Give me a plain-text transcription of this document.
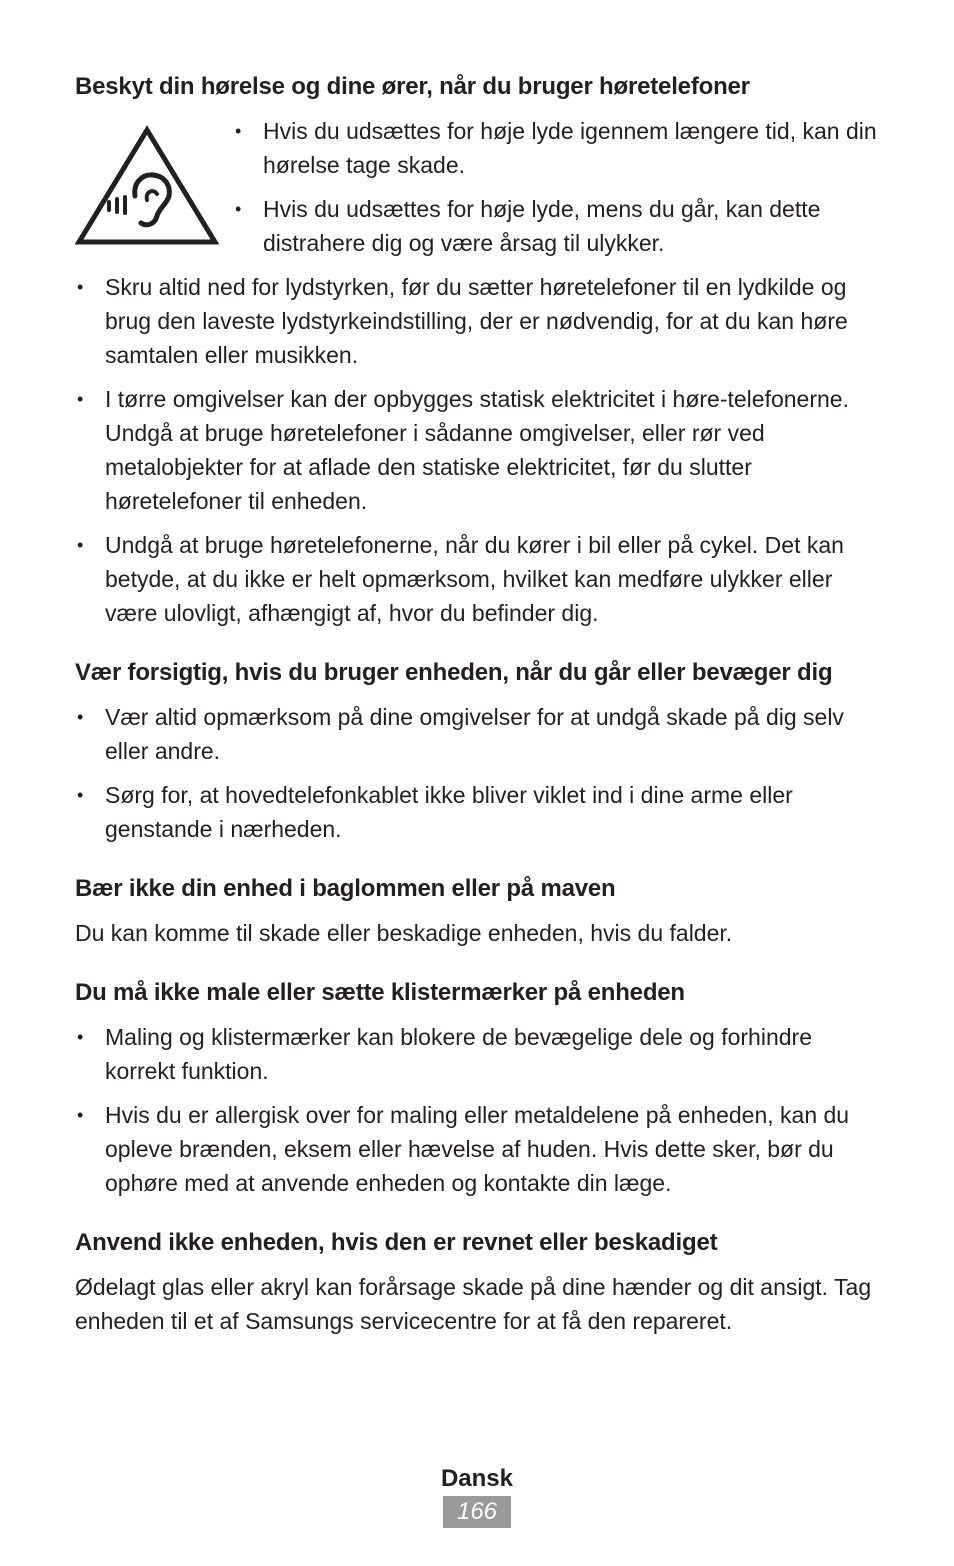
Beskyt din hørelse og dine ører, når du bruger høretelefoner
• Hvis du udsættes for høje lyde igennem længere tid, kan din hørelse tage skade.
• Hvis du udsættes for høje lyde, mens du går, kan dette distrahere dig og være årsag til ulykker.
• Skru altid ned for lydstyrken, før du sætter høretelefoner til en lydkilde og brug den laveste lydstyrkeindstilling, der er nødvendig, for at du kan høre samtalen eller musikken.
• I tørre omgivelser kan der opbygges statisk elektricitet i høre-telefonerne. Undgå at bruge høretelefoner i sådanne omgivelser, eller rør ved metalobjekter for at aflade den statiske elektricitet, før du slutter høretelefoner til enheden.
• Undgå at bruge høretelefonerne, når du kører i bil eller på cykel. Det kan betyde, at du ikke er helt opmærksom, hvilket kan medføre ulykker eller være ulovligt, afhængigt af, hvor du befinder dig.
Vær forsigtig, hvis du bruger enheden, når du går eller bevæger dig
• Vær altid opmærksom på dine omgivelser for at undgå skade på dig selv eller andre.
• Sørg for, at hovedtelefonkablet ikke bliver viklet ind i dine arme eller genstande i nærheden.
Bær ikke din enhed i baglommen eller på maven

Du kan komme til skade eller beskadige enheden, hvis du falder.

Du må ikke male eller sætte klistermærker på enheden
• Maling og klistermærker kan blokere de bevægelige dele og forhindre korrekt funktion.
• Hvis du er allergisk over for maling eller metaldelene på enheden, kan du opleve brænden, eksem eller hævelse af huden. Hvis dette sker, bør du ophøre med at anvende enheden og kontakte din læge.
Anvend ikke enheden, hvis den er revnet eller beskadiget

Ødelagt glas eller akryl kan forårsage skade på dine hænder og dit ansigt. Tag enheden til et af Samsungs servicecentre for at få den repareret.

Dansk
166
